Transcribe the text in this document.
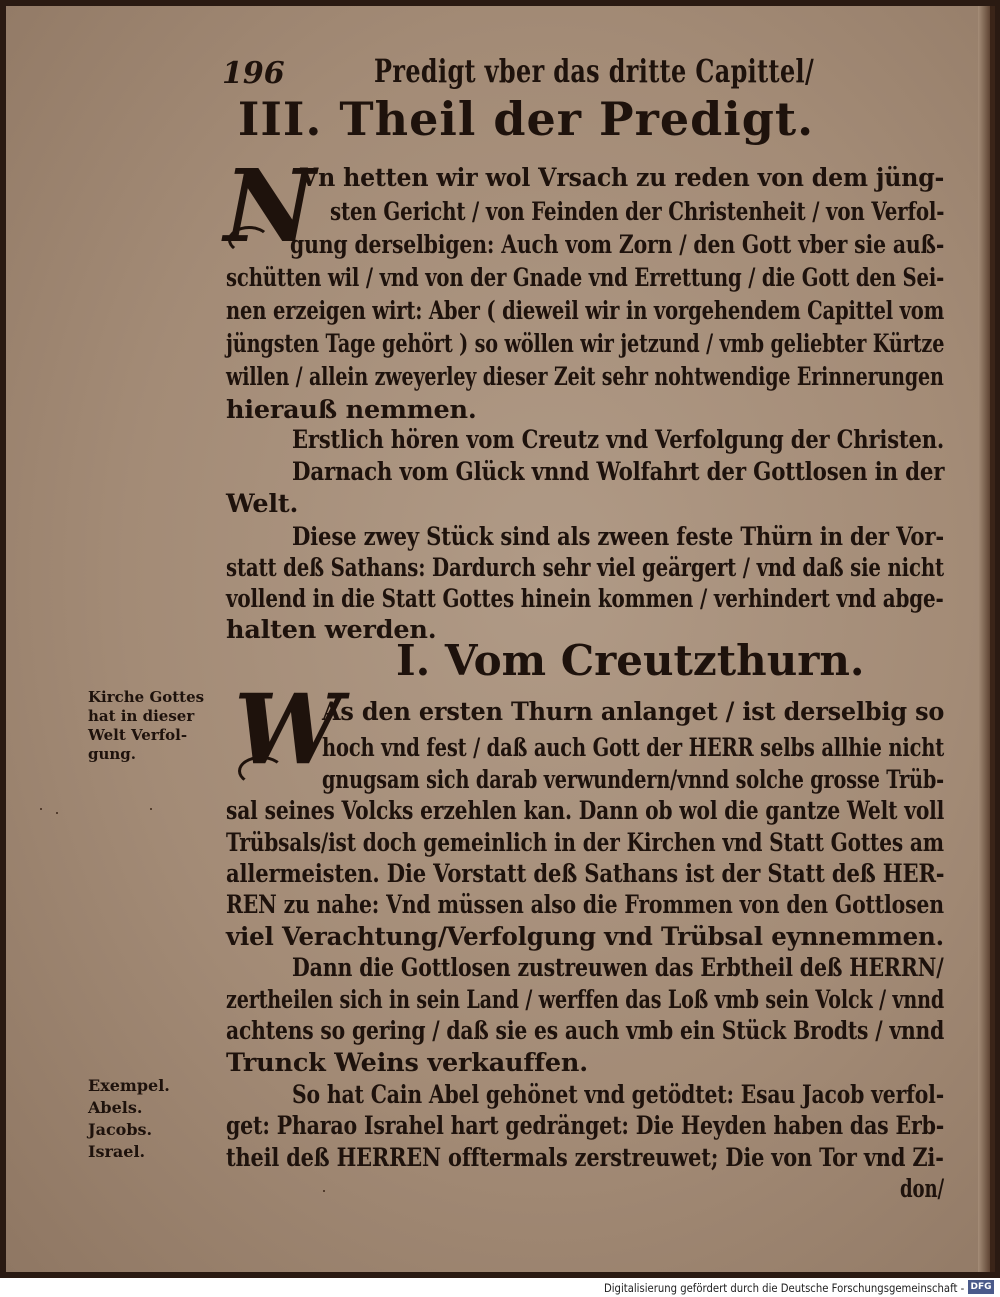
196	Predigt vber das dritte Capittel/
III. Theil der Predigt.
N
Vn hetten wir wol Vrsach zu reden von dem jüng-
sten Gericht / von Feinden der Christenheit / von Verfol-
gung derselbigen: Auch vom Zorn / den Gott vber sie auß-
schütten wil / vnd von der Gnade vnd Errettung / die Gott den Sei-
nen erzeigen wirt: Aber ( dieweil wir in vorgehendem Capittel vom
jüngsten Tage gehört ) so wöllen wir jetzund / vmb geliebter Kürtze
willen / allein zweyerley dieser Zeit sehr nohtwendige Erinnerungen
hierauß nemmen.
Erstlich hören vom Creutz vnd Verfolgung der Christen.
Darnach vom Glück vnnd Wolfahrt der Gottlosen in der
Welt.
Diese zwey Stück sind als zween feste Thürn in der Vor-
statt deß Sathans: Dardurch sehr viel geärgert / vnd daß sie nicht
vollend in die Statt Gottes hinein kommen / verhindert vnd abge-
halten werden.
I. Vom Creutzthurn.
W
As den ersten Thurn anlanget / ist derselbig so
hoch vnd fest / daß auch Gott der HERR selbs allhie nicht
gnugsam sich darab verwundern/vnnd solche grosse Trüb-
sal seines Volcks erzehlen kan. Dann ob wol die gantze Welt voll
Trübsals/ist doch gemeinlich in der Kirchen vnd Statt Gottes am
allermeisten. Die Vorstatt deß Sathans ist der Statt deß HER-
REN zu nahe: Vnd müssen also die Frommen von den Gottlosen
viel Verachtung/Verfolgung vnd Trübsal eynnemmen.
Dann die Gottlosen zustreuwen das Erbtheil deß HERRN/
zertheilen sich in sein Land / werffen das Loß vmb sein Volck / vnnd
achtens so gering / daß sie es auch vmb ein Stück Brodts / vnnd
Trunck Weins verkauffen.
So hat Cain Abel gehönet vnd getödtet: Esau Jacob verfol-
get: Pharao Israhel hart gedränget: Die Heyden haben das Erb-
theil deß HERREN offtermals zerstreuwet; Die von Tor vnd Zi-
don/
Kirche Gottes
hat in dieser
Welt Verfol-
gung.
Exempel.
Abels.
Jacobs.
Israel.
Digitalisierung gefördert durch die Deutsche Forschungsgemeinschaft - DFG
